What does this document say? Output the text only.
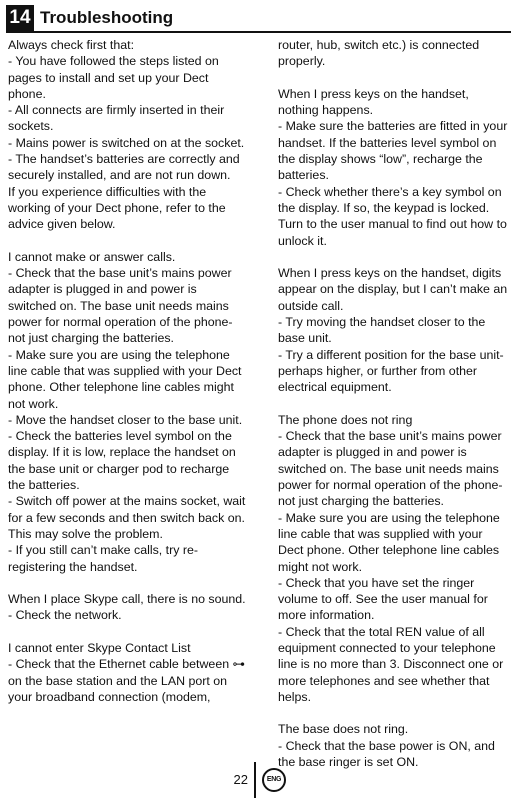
14 Troubleshooting

Always check first that:
- You have followed the steps listed on pages to install and set up your Dect phone.
- All connects are firmly inserted in their sockets.
- Mains power is switched on at the socket.
- The handset’s batteries are correctly and securely installed, and are not run down.
If you experience difficulties with the working of your Dect phone, refer to the advice given below.

I cannot make or answer calls.
- Check that the base unit’s mains power adapter is plugged in and power is switched on. The base unit needs mains power for normal operation of the phone-not just charging the batteries.
- Make sure you are using the telephone line cable that was supplied with your Dect phone. Other telephone line cables might not work.
- Move the handset closer to the base unit.
- Check the batteries level symbol on the display. If it is low, replace the handset on the base unit or charger pod to recharge the batteries.
- Switch off power at the mains socket, wait for a few seconds and then switch back on. This may solve the problem.
- If you still can’t make calls, try re-registering the handset.

When I place Skype call, there is no sound.
- Check the network.

I cannot enter Skype Contact List
- Check that the Ethernet cable between ⊶ on the base station and the LAN port on your broadband connection (modem,

router, hub, switch etc.) is connected properly.

When I press keys on the handset, nothing happens.
- Make sure the batteries are fitted in your handset. If the batteries level symbol on the display shows “low”, recharge the batteries.
- Check whether there’s a key symbol on the display. If so, the keypad is locked. Turn to the user manual to find out how to unlock it.

When I press keys on the handset, digits appear on the display, but I can’t make an outside call.
- Try moving the handset closer to the base unit.
- Try a different position for the base unit-perhaps higher, or further from other electrical equipment.

The phone does not ring
- Check that the base unit’s mains power adapter is plugged in and power is switched on. The base unit needs mains power for normal operation of the phone-not just charging the batteries.
- Make sure you are using the telephone line cable that was supplied with your Dect phone. Other telephone line cables might not work.
- Check that you have set the ringer volume to off. See the user manual for more information.
- Check that the total REN value of all equipment connected to your telephone line is no more than 3. Disconnect one or more telephones and see whether that helps.

The base does not ring.
- Check that the base power is ON, and the base ringer is set ON.

22	ENG
